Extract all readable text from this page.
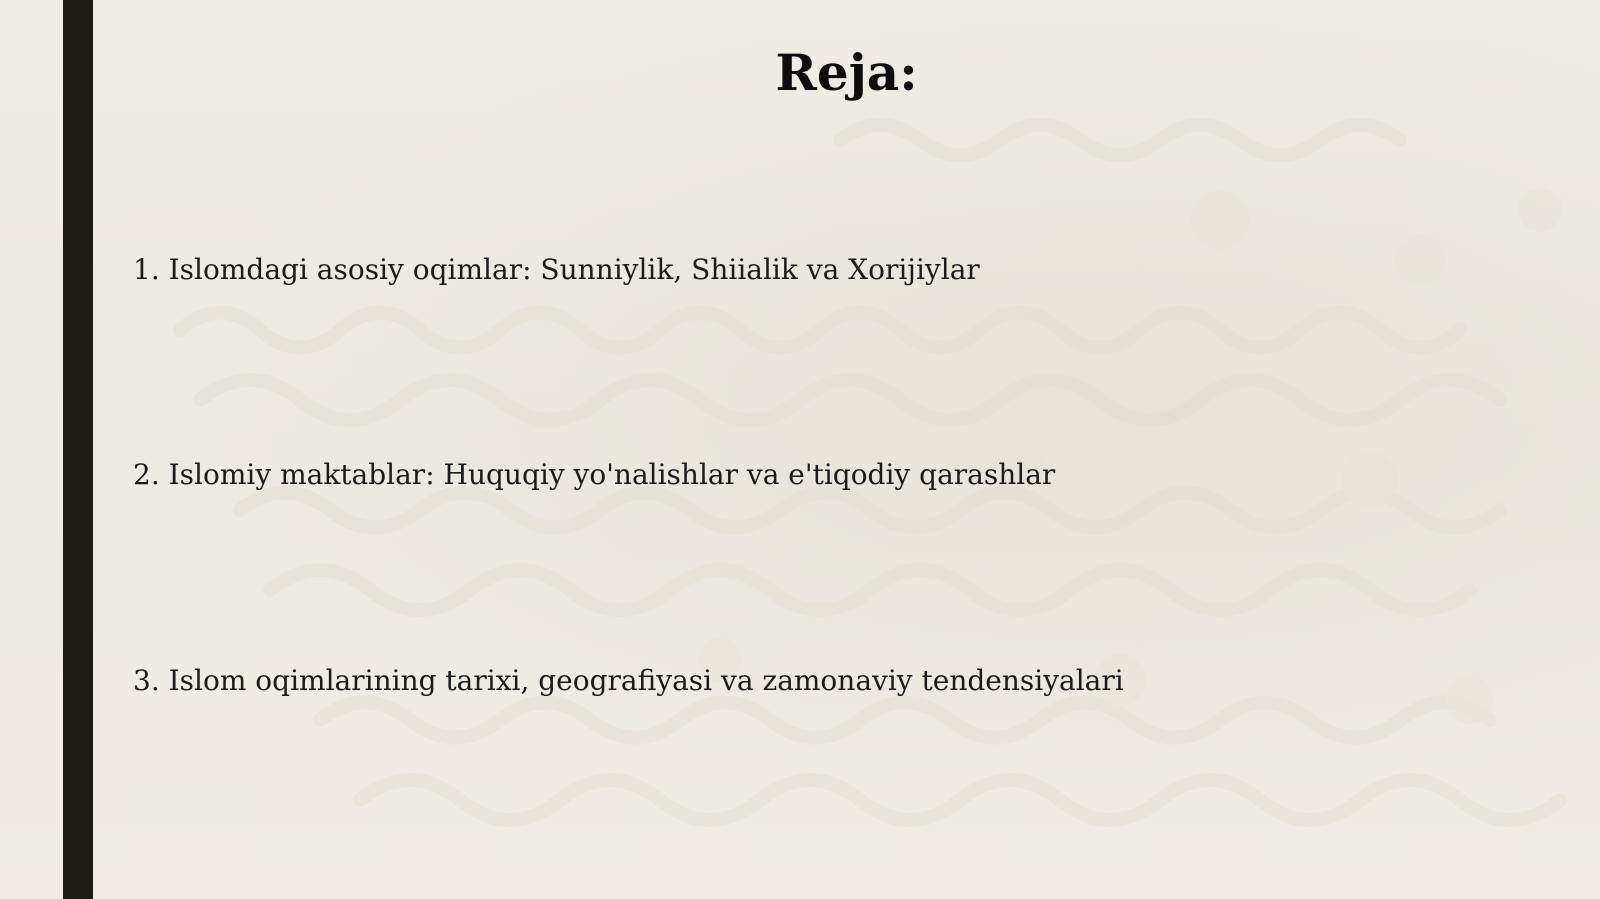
Reja:
1. Islomdagi asosiy oqimlar: Sunniylik, Shiialik va Xorijiylar
2. Islomiy maktablar: Huquqiy yo'nalishlar va e'tiqodiy qarashlar
3. Islom oqimlarining tarixi, geografiyasi va zamonaviy tendensiyalari
